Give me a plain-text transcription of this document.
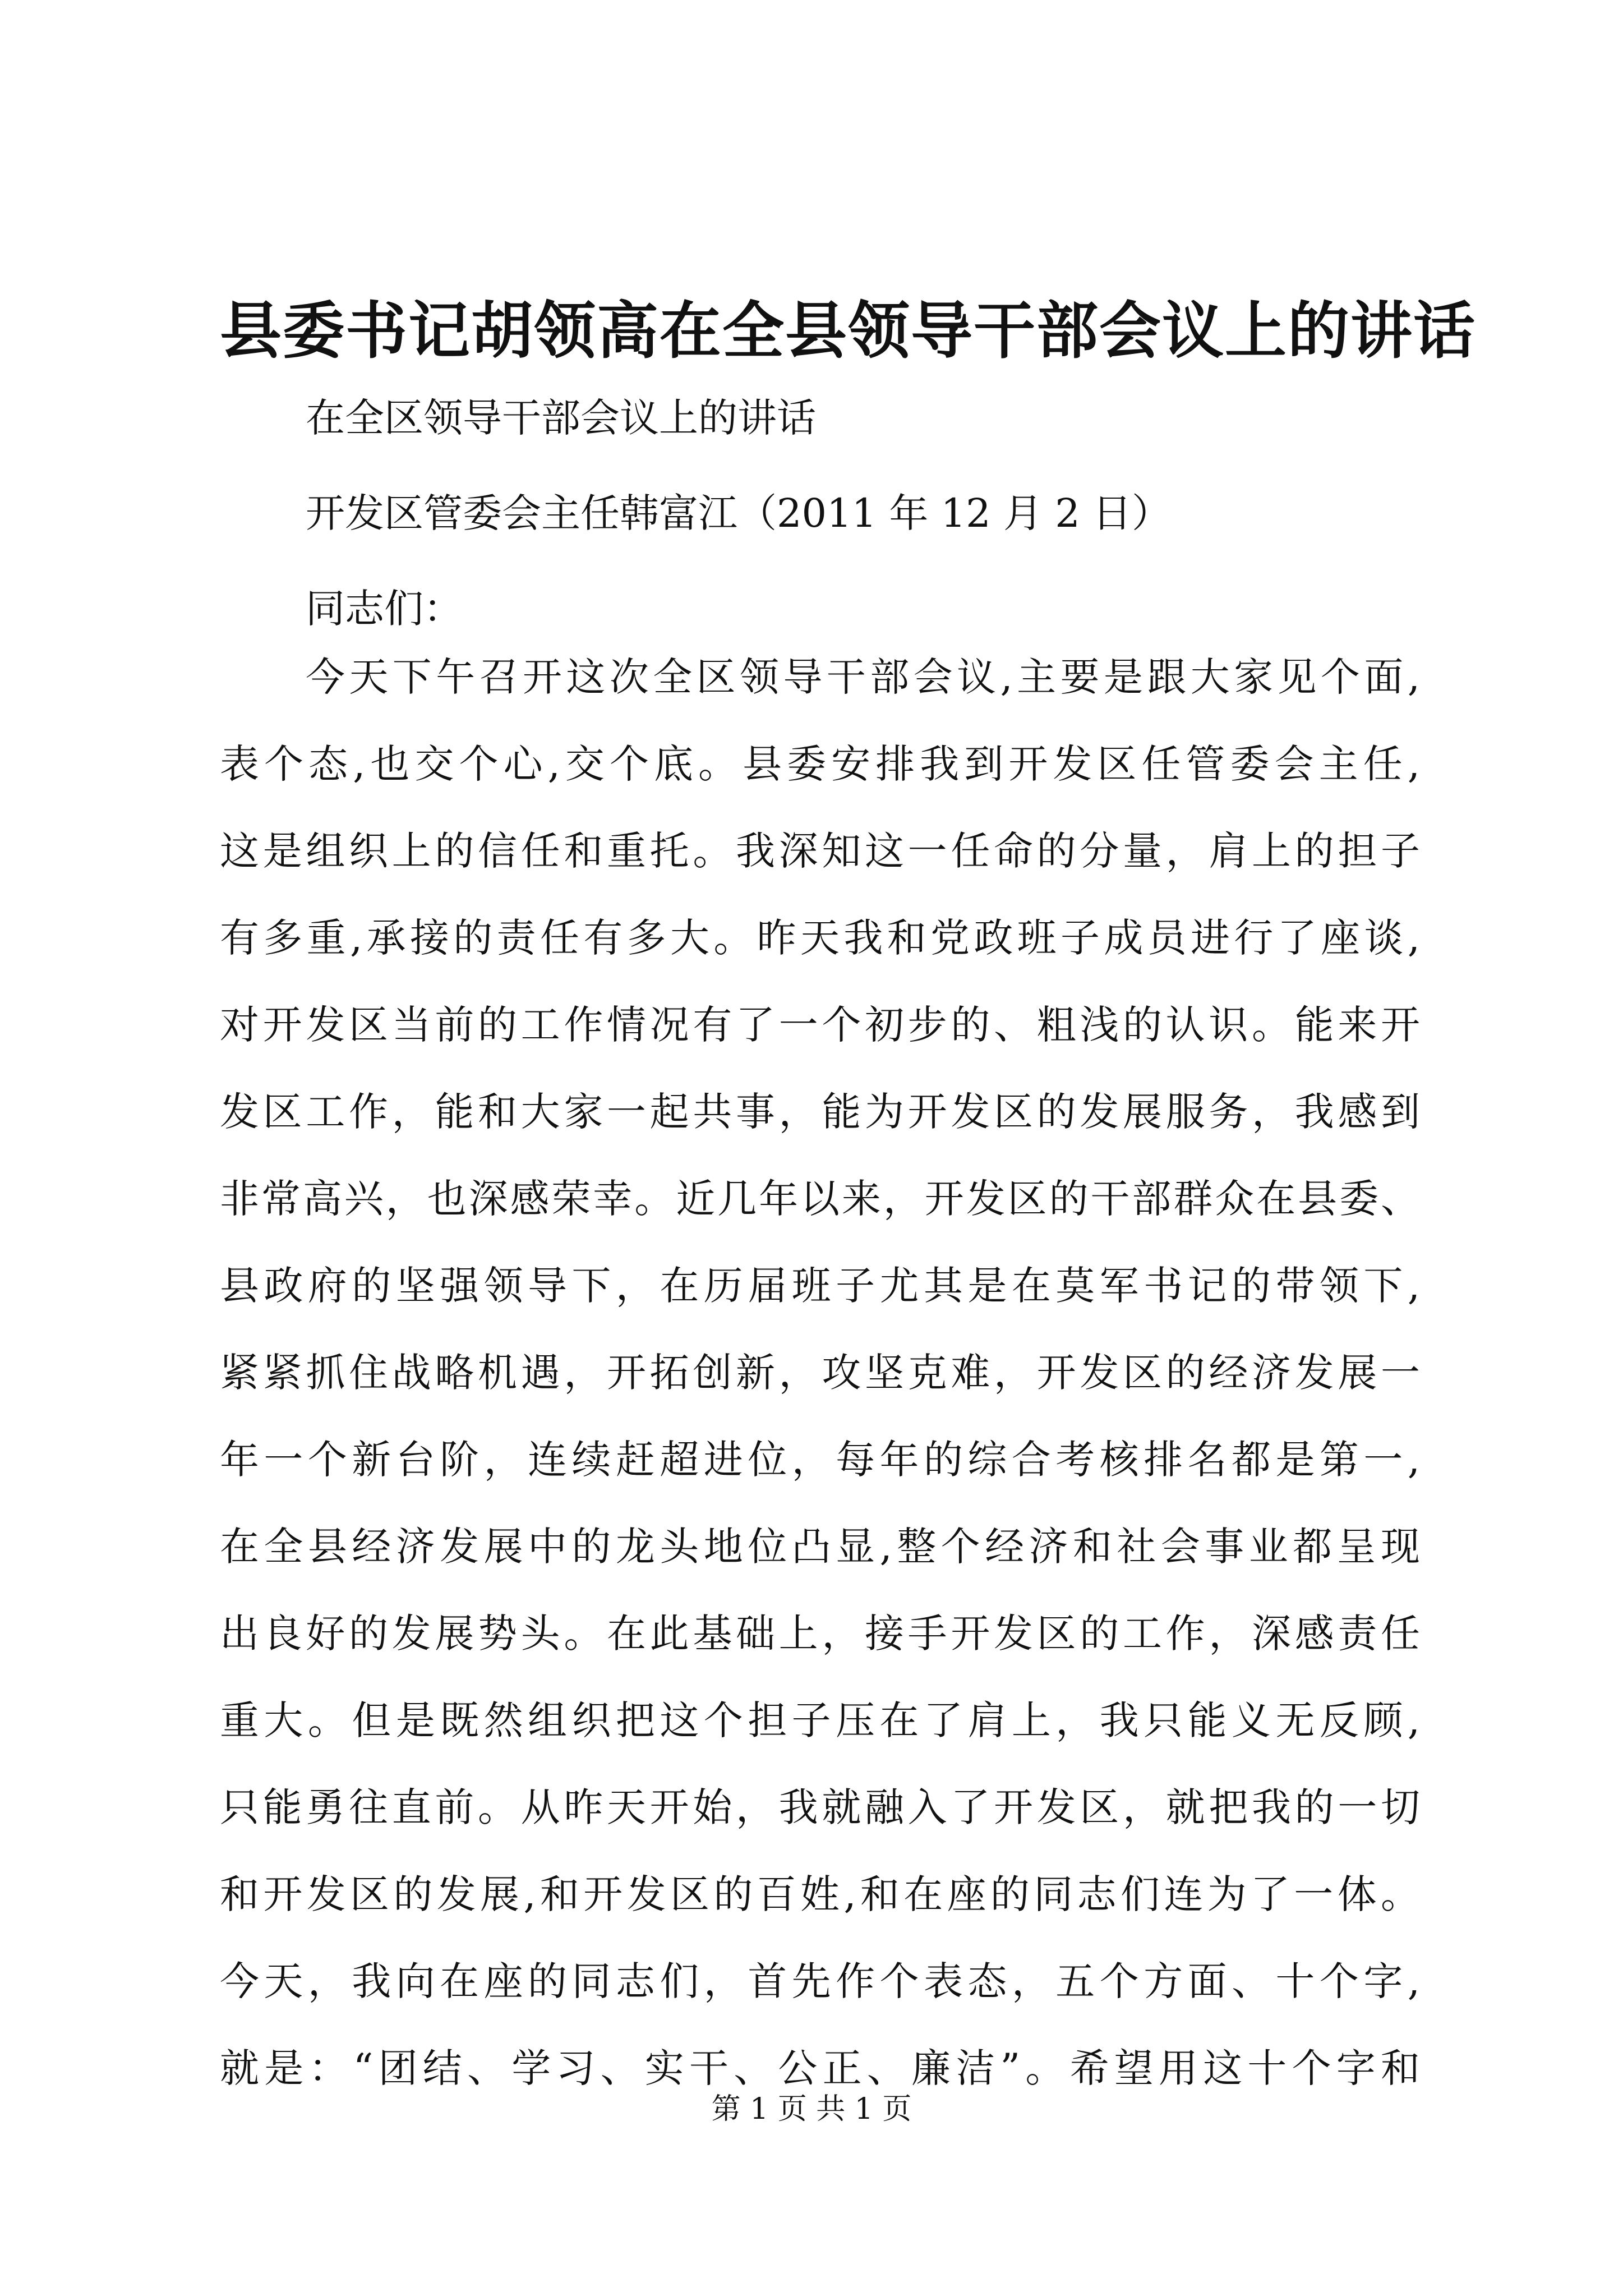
县委书记胡领高在全县领导干部会议上的讲话

在全区领导干部会议上的讲话

开发区管委会主任韩富江（2011 年 12 月 2 日）

同志们：

今天下午召开这次全区领导干部会议,主要是跟大家见个面,
表个态,也交个心,交个底。县委安排我到开发区任管委会主任,
这是组织上的信任和重托。我深知这一任命的分量，肩上的担子
有多重,承接的责任有多大。昨天我和党政班子成员进行了座谈,
对开发区当前的工作情况有了一个初步的、粗浅的认识。能来开
发区工作，能和大家一起共事，能为开发区的发展服务，我感到
非常高兴，也深感荣幸。近几年以来，开发区的干部群众在县委、
县政府的坚强领导下，在历届班子尤其是在莫军书记的带领下,
紧紧抓住战略机遇，开拓创新，攻坚克难，开发区的经济发展一
年一个新台阶，连续赶超进位，每年的综合考核排名都是第一,
在全县经济发展中的龙头地位凸显,整个经济和社会事业都呈现
出良好的发展势头。在此基础上，接手开发区的工作，深感责任
重大。但是既然组织把这个担子压在了肩上，我只能义无反顾,
只能勇往直前。从昨天开始，我就融入了开发区，就把我的一切
和开发区的发展,和开发区的百姓,和在座的同志们连为了一体。
今天，我向在座的同志们，首先作个表态，五个方面、十个字,
就是：“团结、学习、实干、公正、廉洁”。希望用这十个字和

第 1 页 共 1 页
